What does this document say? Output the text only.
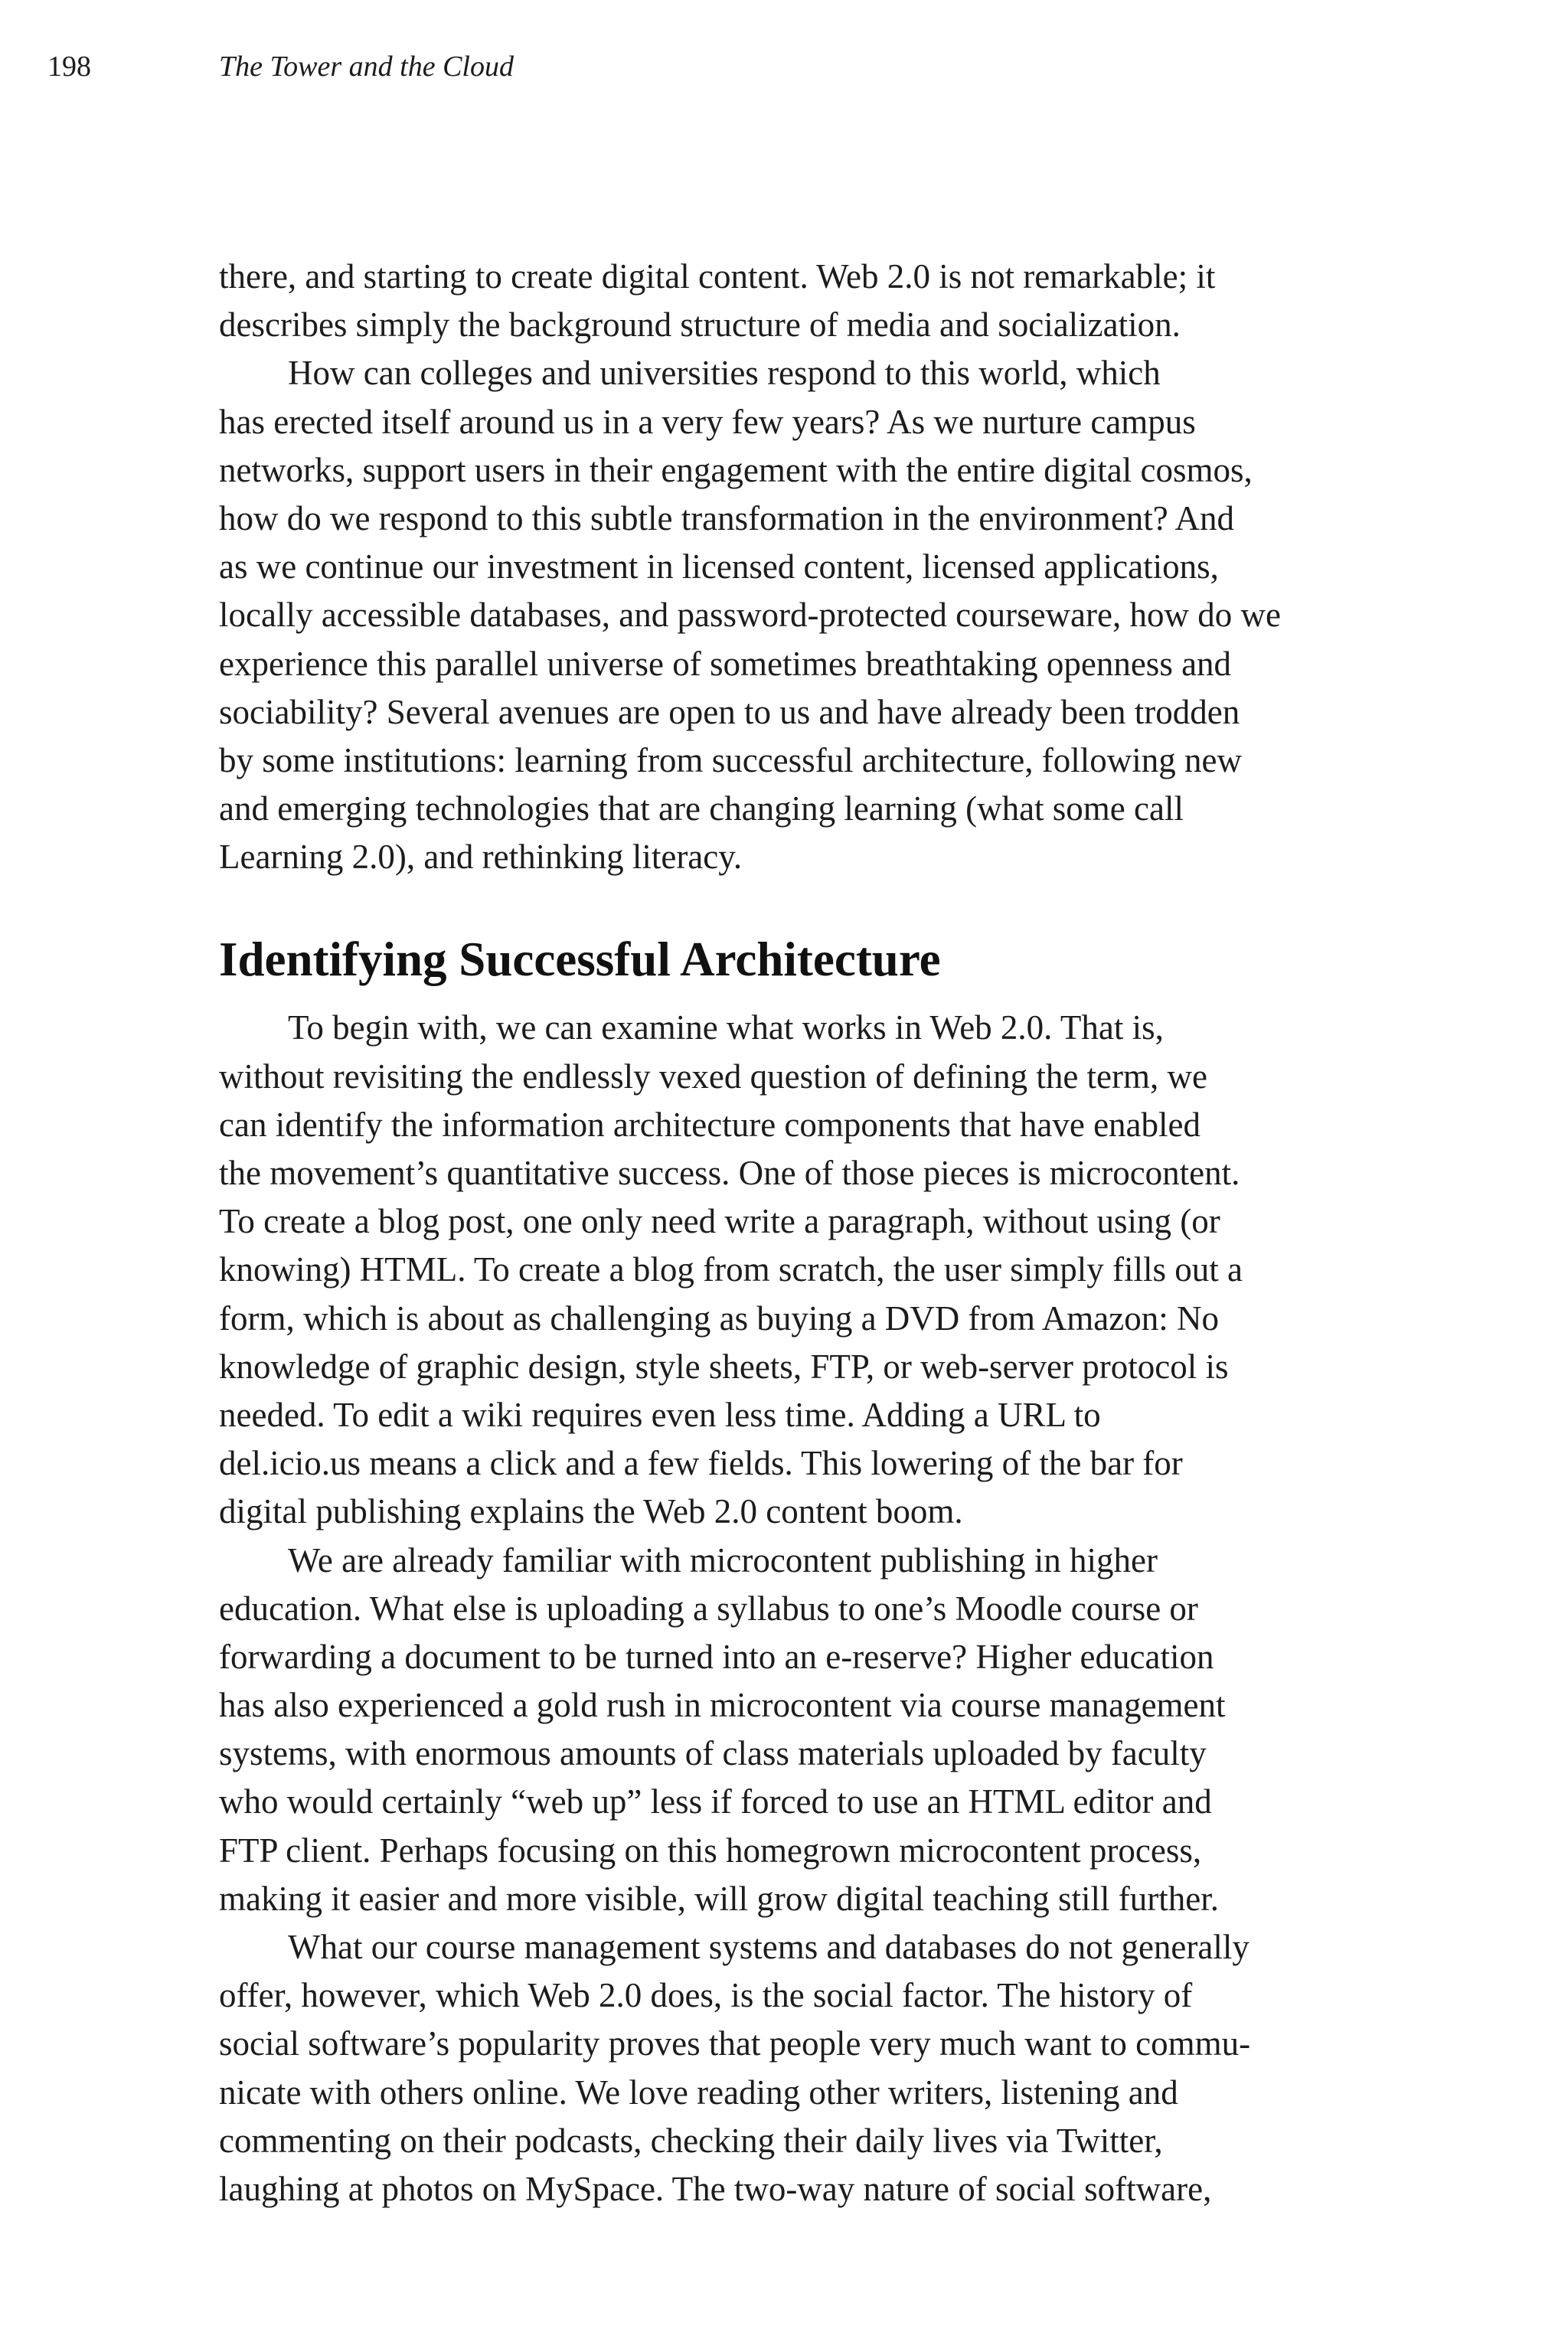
198	The Tower and the Cloud
there, and starting to create digital content. Web 2.0 is not remarkable; it
describes simply the background structure of media and socialization.
How can colleges and universities respond to this world, which
has erected itself around us in a very few years? As we nurture campus
networks, support users in their engagement with the entire digital cosmos,
how do we respond to this subtle transformation in the environment? And
as we continue our investment in licensed content, licensed applications,
locally accessible databases, and password-protected courseware, how do we
experience this parallel universe of sometimes breathtaking openness and
sociability? Several avenues are open to us and have already been trodden
by some institutions: learning from successful architecture, following new
and emerging technologies that are changing learning (what some call
Learning 2.0), and rethinking literacy.
Identifying Successful Architecture
To begin with, we can examine what works in Web 2.0. That is,
without revisiting the endlessly vexed question of defining the term, we
can identify the information architecture components that have enabled
the movement’s quantitative success. One of those pieces is microcontent.
To create a blog post, one only need write a paragraph, without using (or
knowing) HTML. To create a blog from scratch, the user simply fills out a
form, which is about as challenging as buying a DVD from Amazon: No
knowledge of graphic design, style sheets, FTP, or web-server protocol is
needed. To edit a wiki requires even less time. Adding a URL to
del.icio.us means a click and a few fields. This lowering of the bar for
digital publishing explains the Web 2.0 content boom.
We are already familiar with microcontent publishing in higher
education. What else is uploading a syllabus to one’s Moodle course or
forwarding a document to be turned into an e-reserve? Higher education
has also experienced a gold rush in microcontent via course management
systems, with enormous amounts of class materials uploaded by faculty
who would certainly “web up” less if forced to use an HTML editor and
FTP client. Perhaps focusing on this homegrown microcontent process,
making it easier and more visible, will grow digital teaching still further.
What our course management systems and databases do not generally
offer, however, which Web 2.0 does, is the social factor. The history of
social software’s popularity proves that people very much want to commu-
nicate with others online. We love reading other writers, listening and
commenting on their podcasts, checking their daily lives via Twitter,
laughing at photos on MySpace. The two-way nature of social software,
